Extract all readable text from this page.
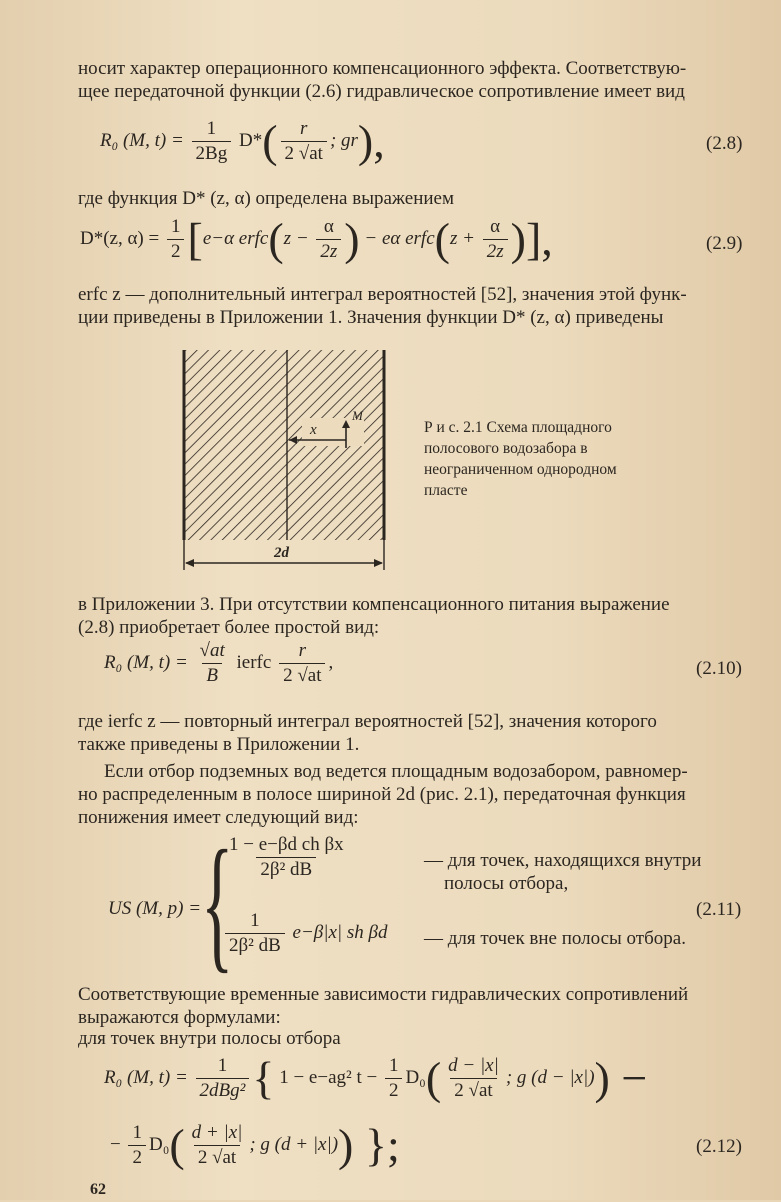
носит характер операционного компенсационного эффекта. Соответствую-
щее передаточной функции (2.6) гидравлическое сопротивление имеет вид
R₀ (M, $t) = \frac{1}{2Bg} D*( \frac{r}{2 √at}$ ; gr),	(2.8)
где функция D* (z, α) определена выражением
D*(z, $\alpha) = \frac{1}{2} [e-\alpha$ erfc(z − $\frac{\alpha}{2z}$ ) − eα erfc(z + $\frac{\alpha}{2z}$ )],	(2.9)
erfc z — дополнительный интеграл вероятностей [52], значения этой функ-
ции приведены в Приложении 1. Значения функции D* (z, α) приведены
x
M
2d
Р и с. 2.1 Схема площадного полосового водозабора в неограниченном однородном пласте
в Приложении 3. При отсутствии компенсационного питания выражение
(2.8) приобретает более простой вид:
R₀ (M, $t) = \frac{√at}{B}$ ierfc $\frac{r}{2 √at}$ ,	(2.10)
где ierfc z — повторный интеграл вероятностей [52], значения которого
также приведены в Приложении 1.
Если отбор подземных вод ведется площадным водозабором, равномер-
но распределенным в полосе шириной 2d (рис. 2.1), передаточная функция
понижения имеет следующий вид:
US (M, p) = {
$\frac{\text{1 − e−βd ch βx}}{\text{2β² dB}}$	— для точек, находящихся внутри
полосы отбора,
$\frac{1}{\text{2β² dB}} e-\beta|x|$ sh βd — для точек вне полосы отбора.
(2.11)
Соответствующие временные зависимости гидравлических сопротивлений
выражаются формулами:
для точек внутри полосы отбора
R₀ (M, $t) = \frac{1}{\text{2dBg²}}$ { 1 − e−ag² $t - \frac{1}{2} D_0( \frac{d - |x|}{2 √at}$ ; g (d − |x|)) −
− $\frac{1}{2} D_0( \frac{d + |x|}{2 √at}$ ; g (d + |x|)) };	(2.12)
62
